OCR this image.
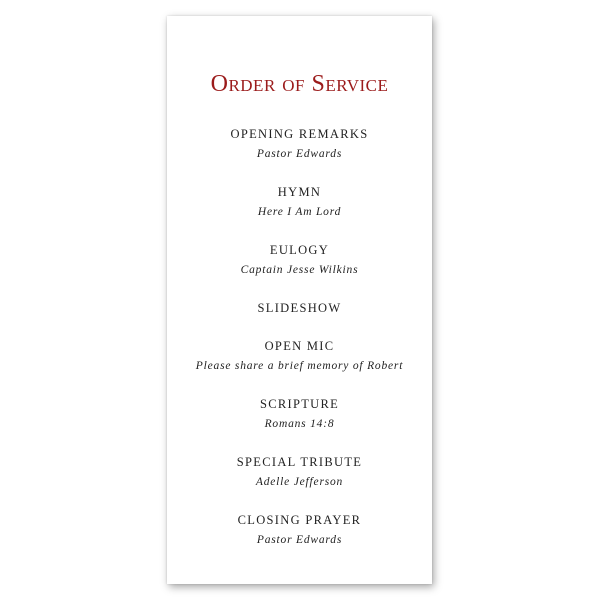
Order of Service
OPENING REMARKS
Pastor Edwards
HYMN
Here I Am Lord
EULOGY
Captain Jesse Wilkins
SLIDESHOW
OPEN MIC
Please share a brief memory of Robert
SCRIPTURE
Romans 14:8
SPECIAL TRIBUTE
Adelle Jefferson
CLOSING PRAYER
Pastor Edwards
